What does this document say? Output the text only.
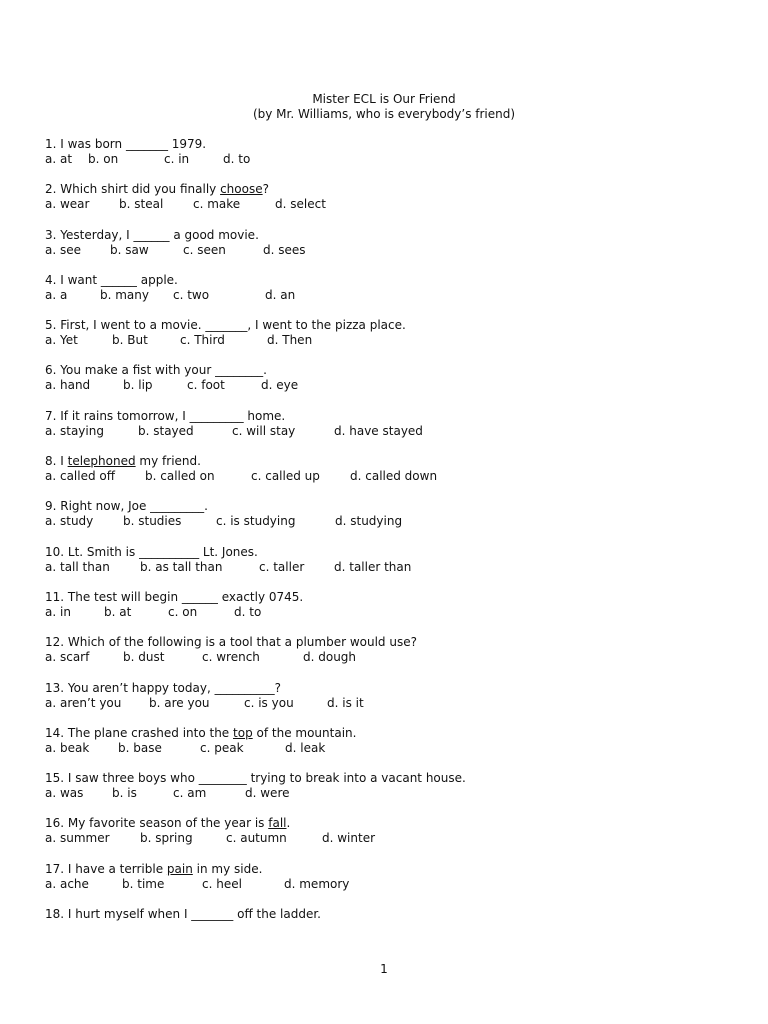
Mister ECL is Our Friend
(by Mr. Williams, who is everybody’s friend)
1. I was born _______ 1979.
a. at b. on	c. in	d. to
2. Which shirt did you finally choose?
a. wear b. steal c. make	d. select
3. Yesterday, I ______ a good movie.
a. see b. saw	c. seen	d. sees
4. I want ______ apple.
a. a	b. many c. two	d. an
5. First, I went to a movie. _______, I went to the pizza place.
a. Yet	b. But	c. Third	d. Then
6. You make a fist with your ________.
a. hand	b. lip	c. foot	d. eye
7. If it rains tomorrow, I _________ home.
a. staying	b. stayed	c. will stay	d. have stayed
8. I telephoned my friend.
a. called off b. called on	c. called up	d. called down
9. Right now, Joe _________.
a. study b. studies	c. is studying	d. studying
10. Lt. Smith is __________ Lt. Jones.
a. tall than	b. as tall than	c. taller d. taller than
11. The test will begin ______ exactly 0745.
a. in	b. at	c. on	d. to
12. Which of the following is a tool that a plumber would use?
a. scarf	b. dust	c. wrench	d. dough
13. You aren’t happy today, __________?
a. aren’t you b. are you	c. is you	d. is it
14. The plane crashed into the top of the mountain.
a. beak b. base	c. peak	d. leak
15. I saw three boys who ________ trying to break into a vacant house.
a. was b. is	c. am	d. were
16. My favorite season of the year is fall.
a. summer	b. spring	c. autumn	d. winter
17. I have a terrible pain in my side.
a. ache	b. time	c. heel	d. memory
18. I hurt myself when I _______ off the ladder.
1
